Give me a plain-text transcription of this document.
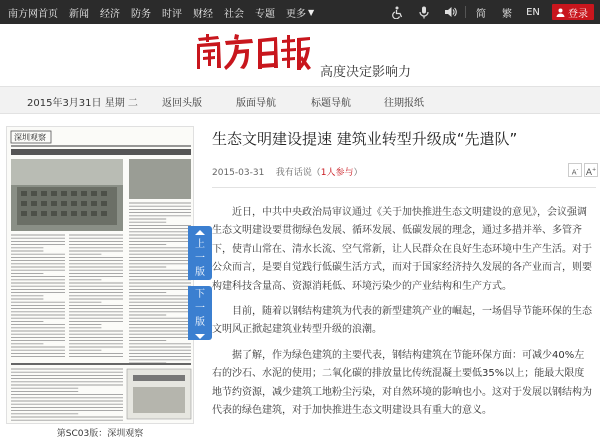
南方网首页 新闻 经济 防务 时评 财经 社会 专题 更多 ▼	简	繁	EN	登录
高度决定影响力
2015年3月31日 星期 二 返回头版	版面导航	标题导航	往期报纸
深圳观察
第SC03版：深圳观察
上
一
版
下
一
版
生态文明建设提速 建筑业转型升级成“先遣队”
2015-03-31 我有话说（1人参与）	A- A+

近日，中共中央政治局审议通过《关于加快推进生态文明建设的意见》，会议强调生态文明建设要贯彻绿色发展、循环发展、低碳发展的理念，通过多措并举、多管齐下，使青山常在、清水长流、空气常新，让人民群众在良好生态环境中生产生活。对于公众而言，是要自觉践行低碳生活方式，而对于国家经济持久发展的各产业而言，则要构建科技含量高、资源消耗低、环境污染少的产业结构和生产方式。

目前，随着以钢结构建筑为代表的新型建筑产业的崛起，一场倡导节能环保的生态文明风正掀起建筑业转型升级的浪潮。

据了解，作为绿色建筑的主要代表，钢结构建筑在节能环保方面：可减少40%左右的沙石、水泥的使用；二氧化碳的排放量比传统混凝土要低35%以上；能最大限度地节约资源，减少建筑工地粉尘污染，对自然环境的影响也小。这对于发展以钢结构为代表的绿色建筑，对于加快推进生态文明建设具有重大的意义。
